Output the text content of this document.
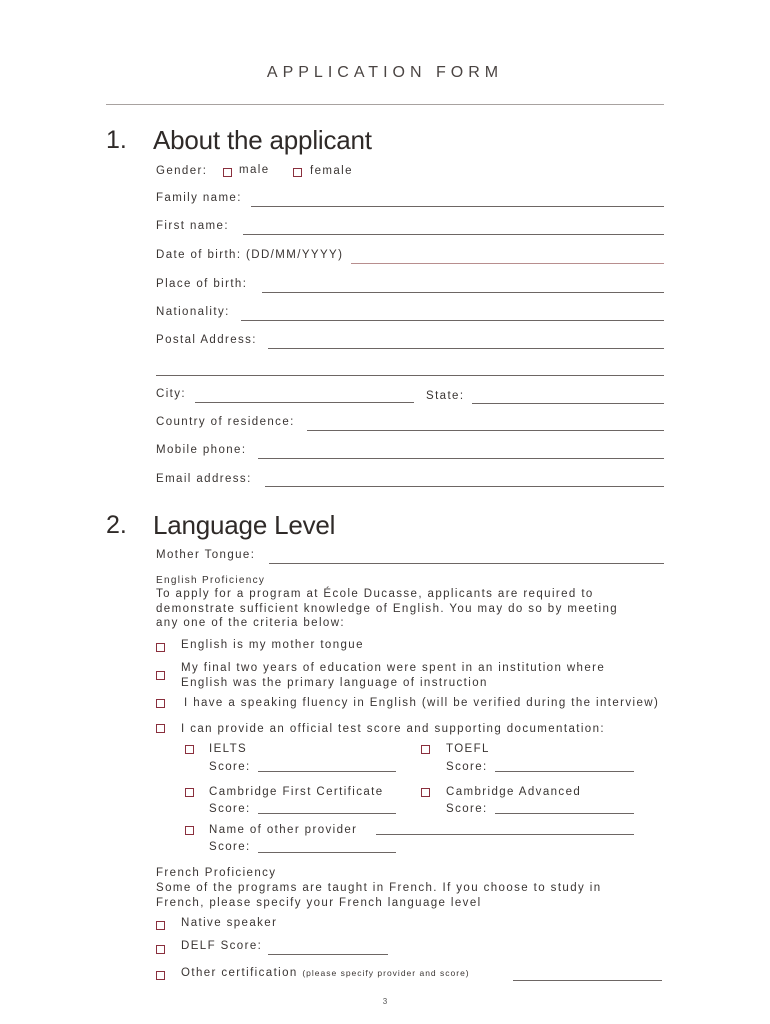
APPLICATION FORM
1. About the applicant
Gender:	male	female
Family name:
First name:
Date of birth: (DD/MM/YYYY)
Place of birth:
Nationality:
Postal Address:
City:	State:
Country of residence:
Mobile phone:
Email address:
2. Language Level
Mother Tongue:
English Proficiency
To apply for a program at École Ducasse, applicants are required to
demonstrate sufficient knowledge of English. You may do so by meeting
any one of the criteria below:
English is my mother tongue
My final two years of education were spent in an institution where
English was the primary language of instruction
I have a speaking fluency in English (will be verified during the interview)
I can provide an official test score and supporting documentation:
IELTS
Score:
TOEFL
Score:
Cambridge First Certificate
Score:
Cambridge Advanced
Score:
Name of other provider
Score:
French Proficiency
Some of the programs are taught in French. If you choose to study in
French, please specify your French language level
Native speaker
DELF Score:
Other certification (please specify provider and score)
3
